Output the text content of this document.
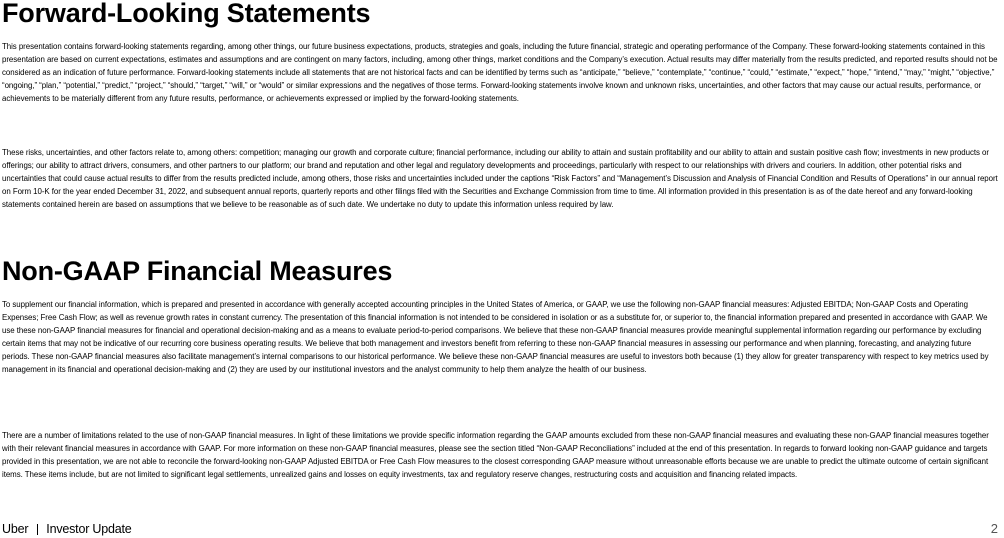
Forward-Looking Statements

This presentation contains forward-looking statements regarding, among other things, our future business expectations, products, strategies and goals, including the future financial, strategic and operating performance of the Company. These forward-looking statements contained in this presentation are based on current expectations, estimates and assumptions and are contingent on many factors, including, among other things, market conditions and the Company’s execution. Actual results may differ materially from the results predicted, and reported results should not be considered as an indication of future performance. Forward-looking statements include all statements that are not historical facts and can be identified by terms such as “anticipate,” “believe,” “contemplate,” “continue,” “could,” “estimate,” “expect,” “hope,” “intend,” “may,” “might,” “objective,” “ongoing,” “plan,” “potential,” “predict,” “project,” “should,” “target,” “will,” or “would” or similar expressions and the negatives of those terms. Forward-looking statements involve known and unknown risks, uncertainties, and other factors that may cause our actual results, performance, or achievements to be materially different from any future results, performance, or achievements expressed or implied by the forward-looking statements.

These risks, uncertainties, and other factors relate to, among others: competition; managing our growth and corporate culture; financial performance, including our ability to attain and sustain profitability and our ability to attain and sustain positive cash flow; investments in new products or offerings; our ability to attract drivers, consumers, and other partners to our platform; our brand and reputation and other legal and regulatory developments and proceedings, particularly with respect to our relationships with drivers and couriers. In addition, other potential risks and uncertainties that could cause actual results to differ from the results predicted include, among others, those risks and uncertainties included under the captions “Risk Factors” and “Management’s Discussion and Analysis of Financial Condition and Results of Operations” in our annual report on Form 10-K for the year ended December 31, 2022, and subsequent annual reports, quarterly reports and other filings filed with the Securities and Exchange Commission from time to time. All information provided in this presentation is as of the date hereof and any forward-looking statements contained herein are based on assumptions that we believe to be reasonable as of such date. We undertake no duty to update this information unless required by law.

Non-GAAP Financial Measures

To supplement our financial information, which is prepared and presented in accordance with generally accepted accounting principles in the United States of America, or GAAP, we use the following non-GAAP financial measures: Adjusted EBITDA; Non-GAAP Costs and Operating Expenses; Free Cash Flow; as well as revenue growth rates in constant currency. The presentation of this financial information is not intended to be considered in isolation or as a substitute for, or superior to, the financial information prepared and presented in accordance with GAAP. We use these non-GAAP financial measures for financial and operational decision-making and as a means to evaluate period-to-period comparisons. We believe that these non-GAAP financial measures provide meaningful supplemental information regarding our performance by excluding certain items that may not be indicative of our recurring core business operating results. We believe that both management and investors benefit from referring to these non-GAAP financial measures in assessing our performance and when planning, forecasting, and analyzing future periods. These non-GAAP financial measures also facilitate management’s internal comparisons to our historical performance. We believe these non-GAAP financial measures are useful to investors both because (1) they allow for greater transparency with respect to key metrics used by management in its financial and operational decision-making and (2) they are used by our institutional investors and the analyst community to help them analyze the health of our business.

There are a number of limitations related to the use of non-GAAP financial measures. In light of these limitations we provide specific information regarding the GAAP amounts excluded from these non-GAAP financial measures and evaluating these non-GAAP financial measures together with their relevant financial measures in accordance with GAAP. For more information on these non-GAAP financial measures, please see the section titled “Non-GAAP Reconciliations” included at the end of this presentation. In regards to forward looking non-GAAP guidance and targets provided in this presentation, we are not able to reconcile the forward-looking non-GAAP Adjusted EBITDA or Free Cash Flow measures to the closest corresponding GAAP measure without unreasonable efforts because we are unable to predict the ultimate outcome of certain significant items. These items include, but are not limited to significant legal settlements, unrealized gains and losses on equity investments, tax and regulatory reserve changes, restructuring costs and acquisition and financing related impacts.

Uber Investor Update	2
